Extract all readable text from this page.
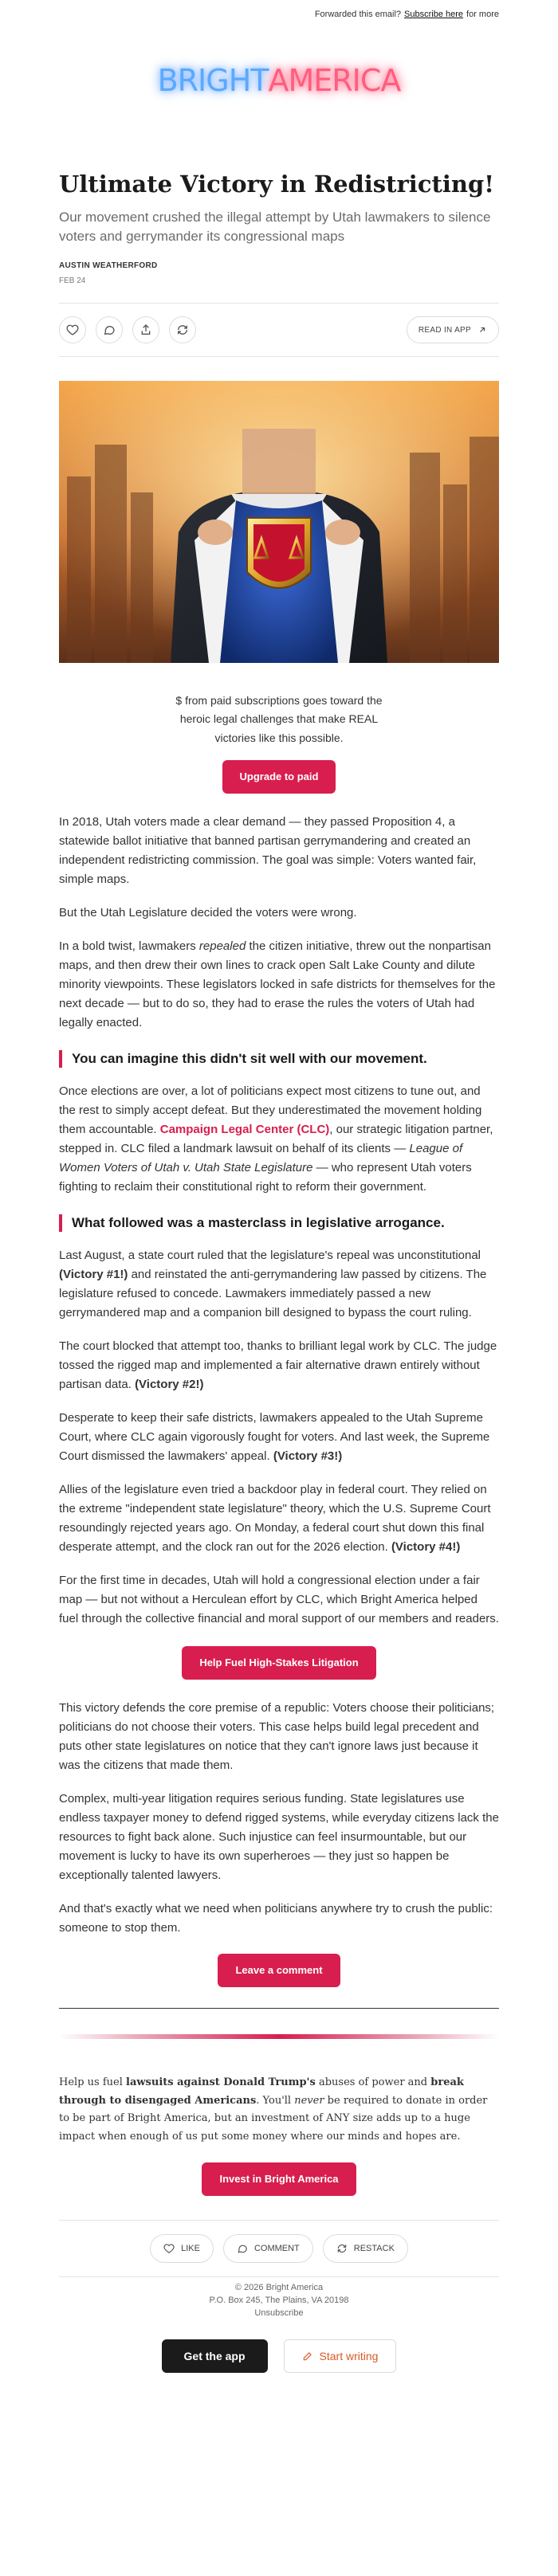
Forwarded this email? Subscribe here for more
BRIGHT AMERICA
Ultimate Victory in Redistricting!
Our movement crushed the illegal attempt by Utah lawmakers to silence voters and gerrymander its congressional maps
AUSTIN WEATHERFORD
FEB 24
READ IN APP
$ from paid subscriptions goes toward the heroic legal challenges that make REAL victories like this possible.
Upgrade to paid

In 2018, Utah voters made a clear demand — they passed Proposition 4, a statewide ballot initiative that banned partisan gerrymandering and created an independent redistricting commission. The goal was simple: Voters wanted fair, simple maps.

But the Utah Legislature decided the voters were wrong.

In a bold twist, lawmakers repealed the citizen initiative, threw out the nonpartisan maps, and then drew their own lines to crack open Salt Lake County and dilute minority viewpoints. These legislators locked in safe districts for themselves for the next decade — but to do so, they had to erase the rules the voters of Utah had legally enacted.

You can imagine this didn't sit well with our movement.

Once elections are over, a lot of politicians expect most citizens to tune out, and the rest to simply accept defeat. But they underestimated the movement holding them accountable. Campaign Legal Center (CLC), our strategic litigation partner, stepped in. CLC filed a landmark lawsuit on behalf of its clients — League of Women Voters of Utah v. Utah State Legislature — who represent Utah voters fighting to reclaim their constitutional right to reform their government.

What followed was a masterclass in legislative arrogance.

Last August, a state court ruled that the legislature's repeal was unconstitutional (Victory #1!) and reinstated the anti-gerrymandering law passed by citizens. The legislature refused to concede. Lawmakers immediately passed a new gerrymandered map and a companion bill designed to bypass the court ruling.

The court blocked that attempt too, thanks to brilliant legal work by CLC. The judge tossed the rigged map and implemented a fair alternative drawn entirely without partisan data. (Victory #2!)

Desperate to keep their safe districts, lawmakers appealed to the Utah Supreme Court, where CLC again vigorously fought for voters. And last week, the Supreme Court dismissed the lawmakers' appeal. (Victory #3!)

Allies of the legislature even tried a backdoor play in federal court. They relied on the extreme "independent state legislature" theory, which the U.S. Supreme Court resoundingly rejected years ago. On Monday, a federal court shut down this final desperate attempt, and the clock ran out for the 2026 election. (Victory #4!)

For the first time in decades, Utah will hold a congressional election under a fair map — but not without a Herculean effort by CLC, which Bright America helped fuel through the collective financial and moral support of our members and readers.

Help Fuel High-Stakes Litigation

This victory defends the core premise of a republic: Voters choose their politicians; politicians do not choose their voters. This case helps build legal precedent and puts other state legislatures on notice that they can't ignore laws just because it was the citizens that made them.

Complex, multi-year litigation requires serious funding. State legislatures use endless taxpayer money to defend rigged systems, while everyday citizens lack the resources to fight back alone. Such injustice can feel insurmountable, but our movement is lucky to have its own superheroes — they just so happen be exceptionally talented lawyers.

And that's exactly what we need when politicians anywhere try to crush the public: someone to stop them.

Leave a comment

Help us fuel lawsuits against Donald Trump's abuses of power and break through to disengaged Americans. You'll never be required to donate in order to be part of Bright America, but an investment of ANY size adds up to a huge impact when enough of us put some money where our minds and hopes are.

Invest in Bright America
LIKE	COMMENT	RESTACK
© 2026 Bright America
P.O. Box 245, The Plains, VA 20198
Unsubscribe
Get the app	Start writing
